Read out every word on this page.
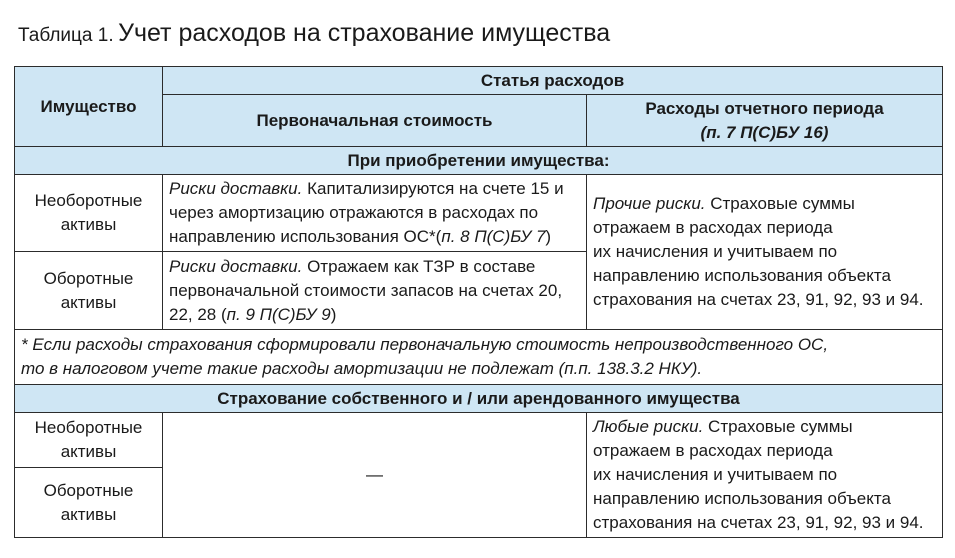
Таблица 1. Учет расходов на страхование имущества
Имущество	Статья расходов	
	Первоначальная стоимость	Расходы отчетного периода
(п. 7 П(С)БУ 16)

При приобретении имущества:		

Необоротные
активы	Риски доставки. Капитализируются на счете 15 и через амортизацию отражаются в расходах по направлению использования ОС*(п. 8 П(С)БУ 7)	Прочие риски. Страховые суммы
отражаем в расходах периода
их начисления и учитываем по
направлению использования объекта
страхования на счетах 23, 91, 92, 93 и 94.

Оборотные
активы	Риски доставки. Отражаем как ТЗР в составе первоначальной стоимости запасов на счетах 20, 22, 28 (п. 9 П(С)БУ 9)	

* Если расходы страхования сформировали первоначальную стоимость непроизводственного ОС,
то в налоговом учете такие расходы амортизации не подлежат (п.п. 138.3.2 НКУ).		

Страхование собственного и / или арендованного имущества		

Необоротные
активы	—	Любые риски. Страховые суммы
отражаем в расходах периода
их начисления и учитываем по
направлению использования объекта
страхования на счетах 23, 91, 92, 93 и 94.

Оборотные
активы		
